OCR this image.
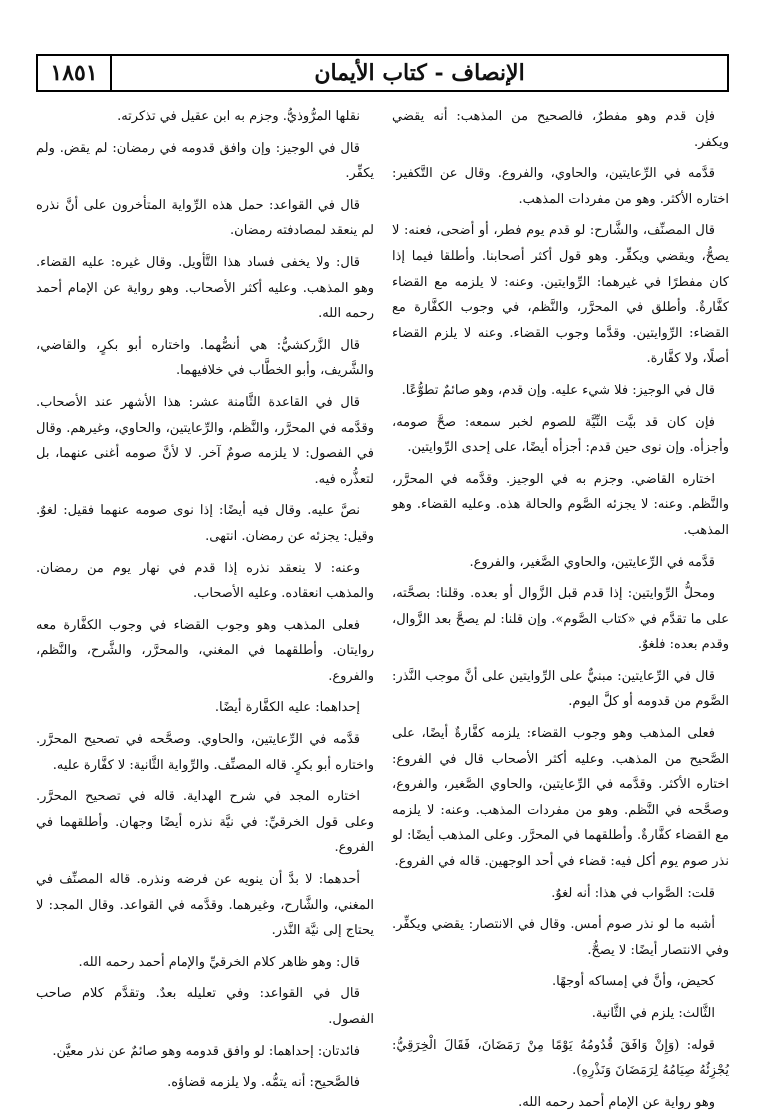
الإنصاف - كتاب الأيمان
١٨٥١

فإن قدم وهو مفطرٌ، فالصحيح من المذهب: أنه يقضي ويكفر.

قدَّمه في الرِّعايتين، والحاوي، والفروع. وقال عن التَّكفير: اختاره الأكثر. وهو من مفردات المذهب.

قال المصنِّف، والشَّارح: لو قدم يوم فطر، أو أضحى، فعنه: لا يصحُّ، ويقضي ويكفِّر. وهو قول أكثر أصحابنا. وأطلقا فيما إذا كان مفطرًا في غيرهما: الرِّوايتين. وعنه: لا يلزمه مع القضاء كفَّارةٌ. وأطلق في المحرَّر، والنَّظم، في وجوب الكفَّارة مع القضاء: الرِّوايتين. وقدَّما وجوب القضاء. وعنه لا يلزم القضاء أصلًا، ولا كفَّارة.

قال في الوجيز: فلا شيء عليه. وإن قدم، وهو صائمٌ تطوُّعًا.

فإن كان قد بيَّت النِّيَّة للصوم لخبر سمعه: صحَّ صومه، وأجزأه. وإن نوى حين قدم: أجزأه أيضًا، على إحدى الرِّوايتين.

اختاره القاضي. وجزم به في الوجيز. وقدَّمه في المحرَّر، والنَّظم. وعنه: لا يجزئه الصَّوم والحالة هذه. وعليه القضاء. وهو المذهب.

قدَّمه في الرِّعايتين، والحاوي الصَّغير، والفروع.

ومحلُّ الرِّوايتين: إذا قدم قبل الزَّوال أو بعده. وقلنا: بصحَّته، على ما تقدَّم في «كتاب الصَّوم». وإن قلنا: لم يصحَّ بعد الزَّوال، وقدم بعده: فلغوٌ.

قال في الرِّعايتين: مبنيٌّ على الرِّوايتين على أنَّ موجب النَّذر: الصَّوم من قدومه أو كلَّ اليوم.

فعلى المذهب وهو وجوب القضاء: يلزمه كفَّارةٌ أيضًا، على الصَّحيح من المذهب. وعليه أكثر الأصحاب قال في الفروع: اختاره الأكثر. وقدَّمه في الرِّعايتين، والحاوي الصَّغير، والفروع، وصحَّحه في النَّظم. وهو من مفردات المذهب. وعنه: لا يلزمه مع القضاء كفَّارةٌ. وأطلقهما في المحرَّر. وعلى المذهب أيضًا: لو نذر صوم يوم أكل فيه: قضاء في أحد الوجهين. قاله في الفروع.

قلت: الصَّواب في هذا: أنه لغوٌ.

أشبه ما لو نذر صوم أمس. وقال في الانتصار: يقضي ويكفِّر. وفي الانتصار أيضًا: لا يصحُّ.

كحيض، وأنَّ في إمساكه أوجهًا.

الثَّالث: يلزم في الثَّانية.

قوله: (وَإِنْ وَافَقَ قُدُومُهُ يَوْمًا مِنْ رَمَضَانَ، فَقَالَ الْخِرَقِيُّ: يُجْزِئُهُ صِيَامُهُ لِرَمَضَانَ وَنَذْرِهِ).

وهو رواية عن الإمام أحمد رحمه الله.

نقلها المرُّوذيُّ. وجزم به ابن عقيل في تذكرته.

قال في الوجيز: وإن وافق قدومه في رمضان: لم يقض. ولم يكفِّر.

قال في القواعد: حمل هذه الرِّواية المتأخرون على أنَّ نذره لم ينعقد لمصادفته رمضان.

قال: ولا يخفى فساد هذا التَّأويل. وقال غيره: عليه القضاء. وهو المذهب. وعليه أكثر الأصحاب. وهو رواية عن الإمام أحمد رحمه الله.

قال الزَّركشيُّ: هي أنصُّهما. واختاره أبو بكرٍ، والقاضي، والشَّريف، وأبو الخطَّاب في خلافيهما.

قال في القاعدة الثَّامنة عشر: هذا الأشهر عند الأصحاب. وقدَّمه في المحرَّر، والنَّظم، والرِّعايتين، والحاوي، وغيرهم. وقال في الفصول: لا يلزمه صومٌ آخر. لا لأنَّ صومه أغنى عنهما، بل لتعذُّره فيه.

نصَّ عليه. وقال فيه أيضًا: إذا نوى صومه عنهما فقيل: لغوٌ. وقيل: يجزئه عن رمضان. انتهى.

وعنه: لا ينعقد نذره إذا قدم في نهار يوم من رمضان. والمذهب انعقاده. وعليه الأصحاب.

فعلى المذهب وهو وجوب القضاء في وجوب الكفَّارة معه روايتان. وأطلقهما في المغني، والمحرَّر، والشَّرح، والنَّظم، والفروع.

إحداهما: عليه الكفَّارة أيضًا.

قدَّمه في الرِّعايتين، والحاوي. وصحَّحه في تصحيح المحرَّر. واختاره أبو بكرٍ. قاله المصنِّف. والرِّواية الثَّانية: لا كفَّارة عليه.

اختاره المجد في شرح الهداية. قاله في تصحيح المحرَّر. وعلى قول الخرقيِّ: في نيَّة نذره أيضًا وجهان. وأطلقهما في الفروع.

أحدهما: لا بدَّ أن ينويه عن فرضه ونذره. قاله المصنِّف في المغني، والشَّارح، وغيرهما. وقدَّمه في القواعد. وقال المجد: لا يحتاج إلى نيَّة النَّذر.

قال: وهو ظاهر كلام الخرقيِّ والإمام أحمد رحمه الله.

قال في القواعد: وفي تعليله بعدٌ. وتقدَّم كلام صاحب الفصول.

فائدتان: إحداهما: لو وافق قدومه وهو صائمٌ عن نذر معيَّن.

فالصَّحيح: أنه يتمُّه. ولا يلزمه قضاؤه.
